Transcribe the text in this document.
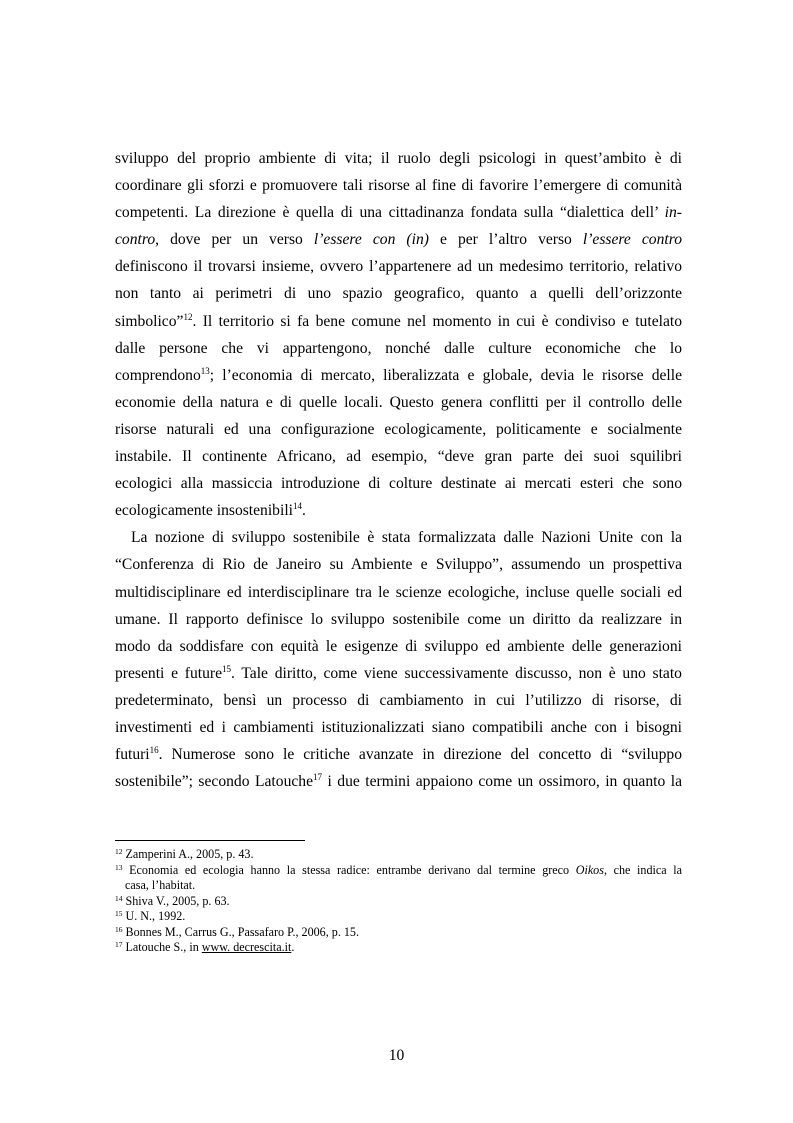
sviluppo del proprio ambiente di vita; il ruolo degli psicologi in quest’ambito è di
coordinare gli sforzi e promuovere tali risorse al fine di favorire l’emergere di comunità
competenti. La direzione è quella di una cittadinanza fondata sulla “dialettica dell’ in-
contro, dove per un verso l’essere con (in) e per l’altro verso l’essere contro
definiscono il trovarsi insieme, ovvero l’appartenere ad un medesimo territorio, relativo
non tanto ai perimetri di uno spazio geografico, quanto a quelli dell’orizzonte
simbolico”$^{12}$. Il territorio si fa bene comune nel momento in cui è condiviso e tutelato
dalle persone che vi appartengono, nonché dalle culture economiche che lo
comprendono$^{13}$; l’economia di mercato, liberalizzata e globale, devia le risorse delle
economie della natura e di quelle locali. Questo genera conflitti per il controllo delle
risorse naturali ed una configurazione ecologicamente, politicamente e socialmente
instabile. Il continente Africano, ad esempio, “deve gran parte dei suoi squilibri
ecologici alla massiccia introduzione di colture destinate ai mercati esteri che sono
ecologicamente insostenibili$^{14}$.
La nozione di sviluppo sostenibile è stata formalizzata dalle Nazioni Unite con la
“Conferenza di Rio de Janeiro su Ambiente e Sviluppo”, assumendo un prospettiva
multidisciplinare ed interdisciplinare tra le scienze ecologiche, incluse quelle sociali ed
umane. Il rapporto definisce lo sviluppo sostenibile come un diritto da realizzare in
modo da soddisfare con equità le esigenze di sviluppo ed ambiente delle generazioni
presenti e future$^{15}$. Tale diritto, come viene successivamente discusso, non è uno stato
predeterminato, bensì un processo di cambiamento in cui l’utilizzo di risorse, di
investimenti ed i cambiamenti istituzionalizzati siano compatibili anche con i bisogni
futuri$^{16}$. Numerose sono le critiche avanzate in direzione del concetto di “sviluppo
sostenibile”; secondo Latouche$^{17}$ i due termini appaiono come un ossimoro, in quanto la
$^{12}$ Zamperini A., 2005, p. 43.
$^{13}$ Economia ed ecologia hanno la stessa radice: entrambe derivano dal termine greco Oikos, che indica la
casa, l’habitat.
$^{14}$ Shiva V., 2005, p. 63.
$^{15}$ U. N., 1992.
$^{16}$ Bonnes M., Carrus G., Passafaro P., 2006, p. 15.
$^{17}$ Latouche S., in www. decrescita.it.
10
